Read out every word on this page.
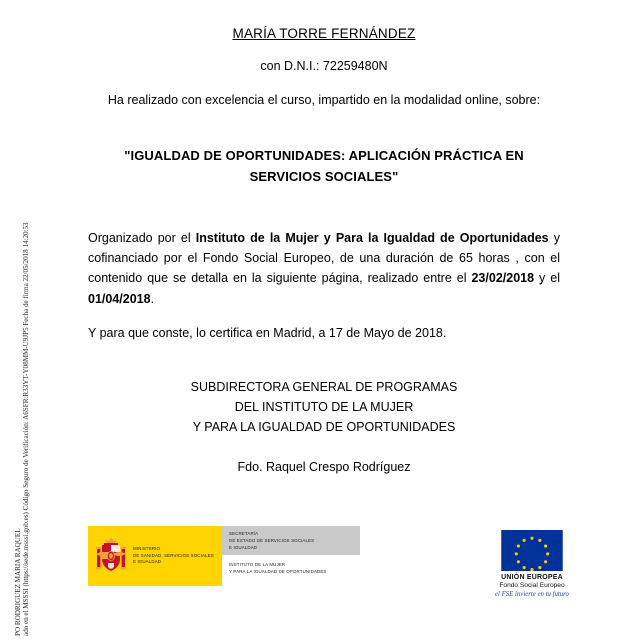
PO RODRIGUEZ MARIA RAQUEL ado en el MSSSI (https://sede.msssi.gob.es) Código Seguro de Verificación: A6SFR:R33YT-Y08MM-U9JP5 Fecha de firma 22/05/2018 14:20:53
MARÍA TORRE FERNÁNDEZ
con D.N.I.: 72259480N
Ha realizado con excelencia el curso, impartido en la modalidad online, sobre:
"IGUALDAD DE OPORTUNIDADES: APLICACIÓN PRÁCTICA EN
SERVICIOS SOCIALES"

Organizado por el Instituto de la Mujer y Para la Igualdad de Oportunidades y cofinanciado por el Fondo Social Europeo, de una duración de 65 horas , con el contenido que se detalla en la siguiente página, realizado entre el 23/02/2018 y el 01/04/2018.

Y para que conste, lo certifica en Madrid, a 17 de Mayo de 2018.

SUBDIRECTORA GENERAL DE PROGRAMAS
DEL INSTITUTO DE LA MUJER
Y PARA LA IGUALDAD DE OPORTUNIDADES
Fdo. Raquel Crespo Rodríguez
MINISTERIO
DE SANIDAD, SERVICIOS SOCIALES
E IGUALDAD
SECRETARÍA
DE ESTADO DE SERVICIOS SOCIALES
E IGUALDAD
INSTITUTO DE LA MUJER
Y PARA LA IGUALDAD DE OPORTUNIDADES
UNIÓN EUROPEA
Fondo Social Europeo
el FSE invierte en tu futuro
